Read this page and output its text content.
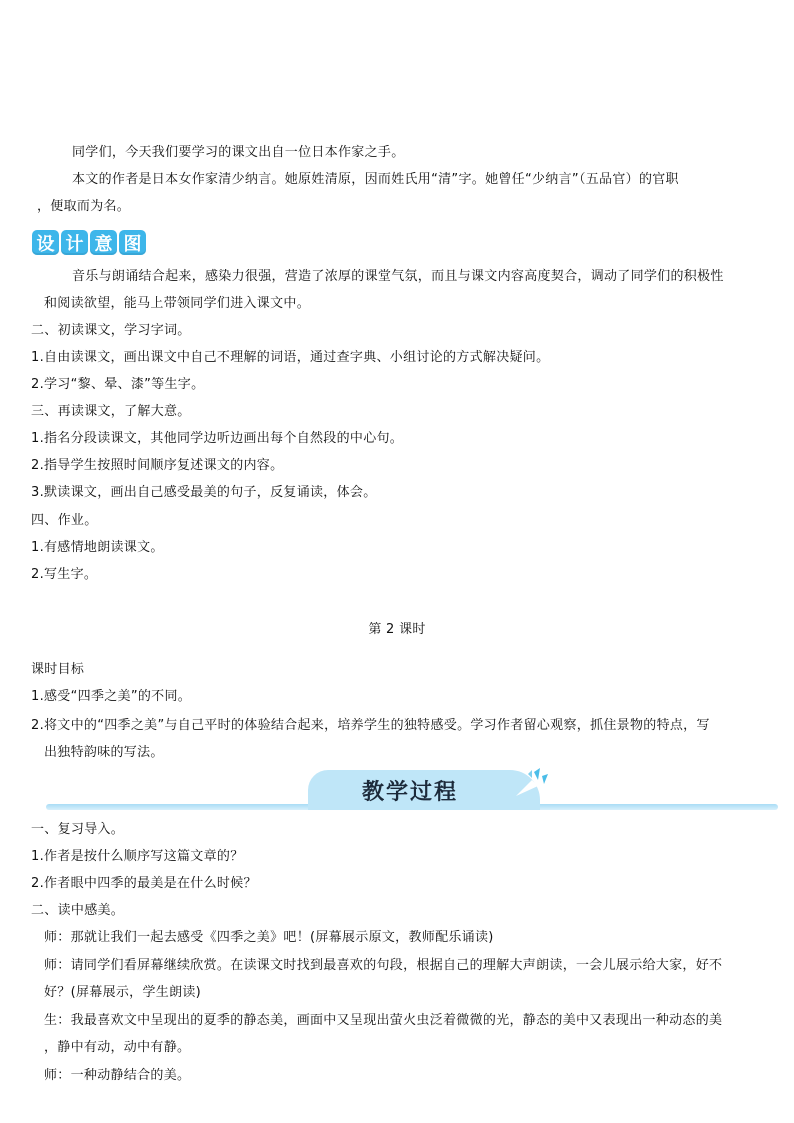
同学们，今天我们要学习的课文出自一位日本作家之手。
本文的作者是日本女作家清少纳言。她原姓清原，因而姓氏用“清”字。她曾任“少纳言”（五品官）的官职
，便取而为名。
设 计 意 图
音乐与朗诵结合起来，感染力很强，营造了浓厚的课堂气氛，而且与课文内容高度契合，调动了同学们的积极性
和阅读欲望，能马上带领同学们进入课文中。
二、初读课文，学习字词。
1.自由读课文，画出课文中自己不理解的词语，通过查字典、小组讨论的方式解决疑问。
2.学习“黎、晕、漆”等生字。
三、再读课文，了解大意。
1.指名分段读课文，其他同学边听边画出每个自然段的中心句。
2.指导学生按照时间顺序复述课文的内容。
3.默读课文，画出自己感受最美的句子，反复诵读，体会。
四、作业。
1.有感情地朗读课文。
2.写生字。
第 2 课时
课时目标
1.感受“四季之美”的不同。
2.将文中的“四季之美”与自己平时的体验结合起来，培养学生的独特感受。学习作者留心观察，抓住景物的特点，写
出独特韵味的写法。
教学过程
一、复习导入。
1.作者是按什么顺序写这篇文章的？
2.作者眼中四季的最美是在什么时候？
二、读中感美。
师：那就让我们一起去感受《四季之美》吧！(屏幕展示原文，教师配乐诵读)
师：请同学们看屏幕继续欣赏。在读课文时找到最喜欢的句段，根据自己的理解大声朗读，一会儿展示给大家，好不
好？(屏幕展示，学生朗读)
生：我最喜欢文中呈现出的夏季的静态美，画面中又呈现出萤火虫泛着微微的光，静态的美中又表现出一种动态的美
，静中有动，动中有静。
师：一种动静结合的美。
